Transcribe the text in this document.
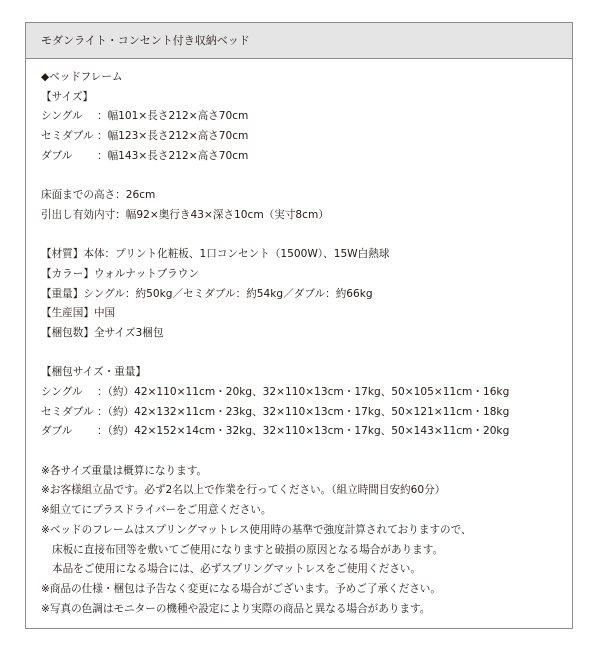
モダンライト・コンセント付き収納ベッド
◆ベッドフレーム
【サイズ】
シングル ：幅101×長さ212×高さ70cm
セミダブル ：幅123×長さ212×高さ70cm
ダブル ：幅143×長さ212×高さ70cm
床面までの高さ：26cm
引出し有効内寸：幅92×奥行き43×深さ10cm（実寸8cm）
【材質】本体：プリント化粧板、1口コンセント（1500W）、15W白熱球
【カラー】ウォルナットブラウン
【重量】シングル：約50kg／セミダブル：約54kg／ダブル：約66kg
【生産国】中国
【梱包数】全サイズ3梱包
【梱包サイズ・重量】
シングル ：（約）42×110×11cm・20kg、32×110×13cm・17kg、50×105×11cm・16kg
セミダブル ：（約）42×132×11cm・23kg、32×110×13cm・17kg、50×121×11cm・18kg
ダブル ：（約）42×152×14cm・32kg、32×110×13cm・17kg、50×143×11cm・20kg
※各サイズ重量は概算になります。
※お客様組立品です。必ず2名以上で作業を行ってください。（組立時間目安約60分）
※組立てにプラスドライバーをご用意ください。
※ベッドのフレームはスプリングマットレス使用時の基準で強度計算されておりますので、
床板に直接布団等を敷いてご使用になりますと破損の原因となる場合があります。
本品をご使用になる場合には、必ずスプリングマットレスをご使用ください。
※商品の仕様・梱包は予告なく変更になる場合がございます。予めご了承ください。
※写真の色調はモニターの機種や設定により実際の商品と異なる場合があります。
